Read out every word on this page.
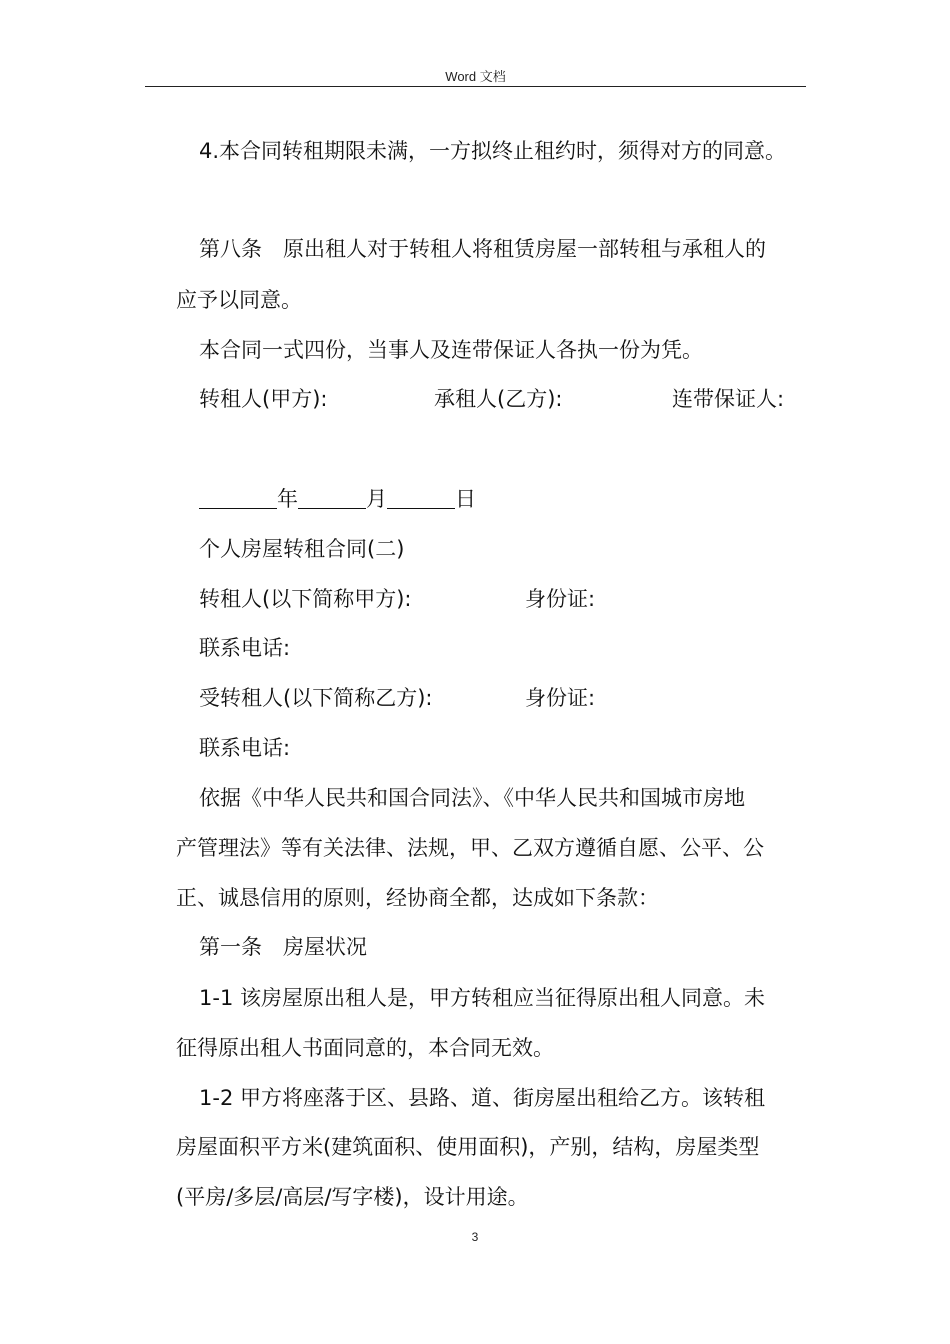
Word 文档
4.本合同转租期限未满，一方拟终止租约时，须得对方的同意。
第八条　原出租人对于转租人将租赁房屋一部转租与承租人的
应予以同意。
本合同一式四份，当事人及连带保证人各执一份为凭。
转租人(甲方):	承租人(乙方):	连带保证人:
年	月	日
个人房屋转租合同(二)
转租人(以下简称甲方):	身份证:
联系电话:
受转租人(以下简称乙方):	身份证:
联系电话:
依据《中华人民共和国合同法》、《中华人民共和国城市房地
产管理法》等有关法律、法规，甲、乙双方遵循自愿、公平、公
正、诚恳信用的原则，经协商全都，达成如下条款：
第一条　房屋状况
1-1 该房屋原出租人是，甲方转租应当征得原出租人同意。未
征得原出租人书面同意的，本合同无效。
1-2 甲方将座落于区、县路、道、街房屋出租给乙方。该转租
房屋面积平方米(建筑面积、使用面积)，产别，结构，房屋类型
(平房/多层/高层/写字楼)，设计用途。
3
